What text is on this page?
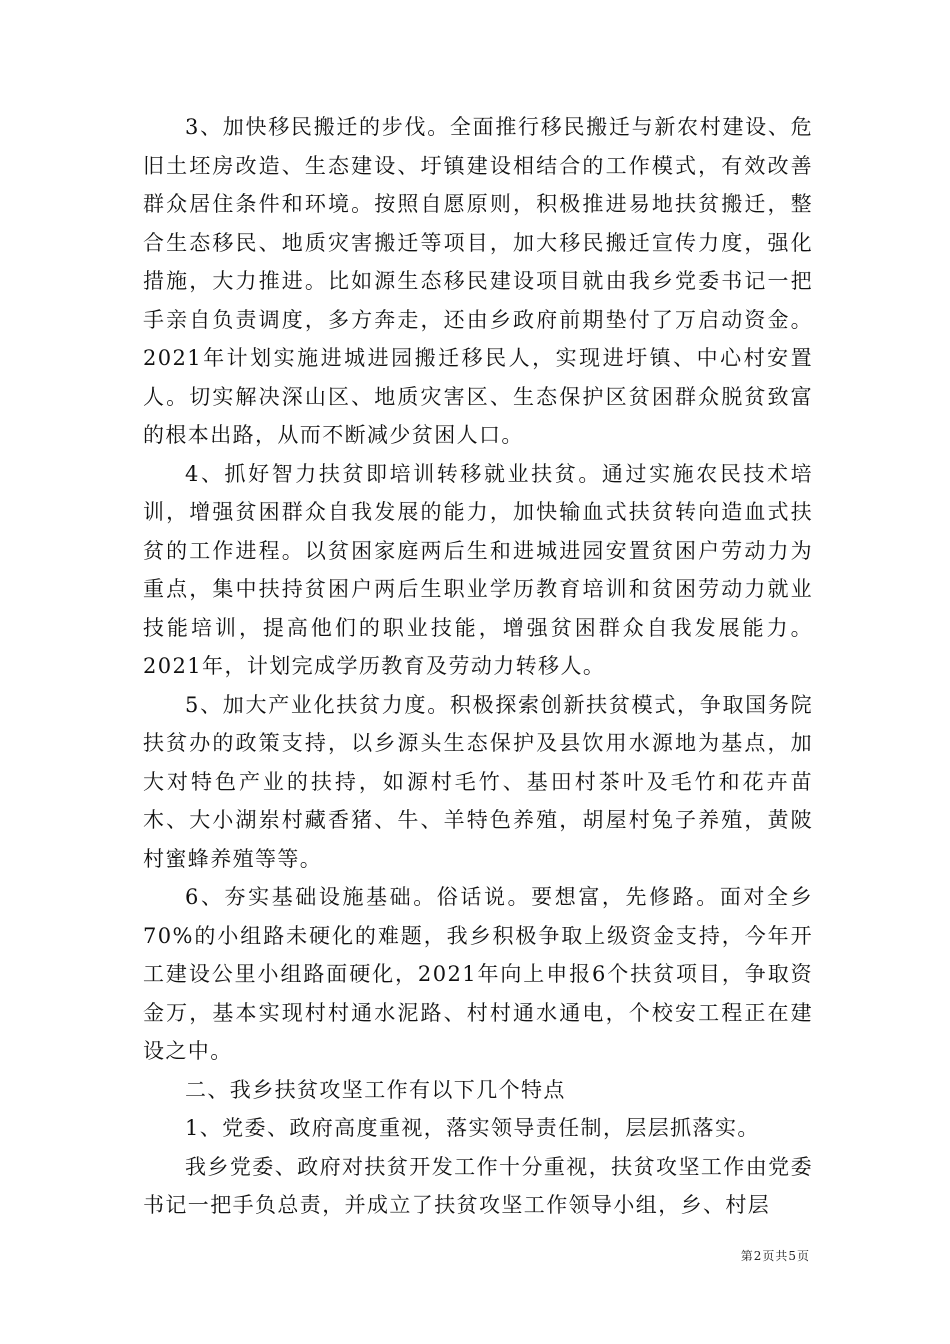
3、加快移民搬迁的步伐。全面推行移民搬迁与新农村建设、危旧土坯房改造、生态建设、圩镇建设相结合的工作模式，有效改善群众居住条件和环境。按照自愿原则，积极推进易地扶贫搬迁，整合生态移民、地质灾害搬迁等项目，加大移民搬迁宣传力度，强化措施，大力推进。比如源生态移民建设项目就由我乡党委书记一把手亲自负责调度，多方奔走，还由乡政府前期垫付了万启动资金。2021年计划实施进城进园搬迁移民人，实现进圩镇、中心村安置人。切实解决深山区、地质灾害区、生态保护区贫困群众脱贫致富的根本出路，从而不断减少贫困人口。

4、抓好智力扶贫即培训转移就业扶贫。通过实施农民技术培训，增强贫困群众自我发展的能力，加快输血式扶贫转向造血式扶贫的工作进程。以贫困家庭两后生和进城进园安置贫困户劳动力为重点，集中扶持贫困户两后生职业学历教育培训和贫困劳动力就业技能培训，提高他们的职业技能，增强贫困群众自我发展能力。2021年，计划完成学历教育及劳动力转移人。

5、加大产业化扶贫力度。积极探索创新扶贫模式，争取国务院扶贫办的政策支持，以乡源头生态保护及县饮用水源地为基点，加大对特色产业的扶持，如源村毛竹、基田村茶叶及毛竹和花卉苗木、大小湖岽村藏香猪、牛、羊特色养殖，胡屋村兔子养殖，黄陂村蜜蜂养殖等等。

6、夯实基础设施基础。俗话说。要想富，先修路。面对全乡70%的小组路未硬化的难题，我乡积极争取上级资金支持，今年开工建设公里小组路面硬化，2021年向上申报6个扶贫项目，争取资金万，基本实现村村通水泥路、村村通水通电，个校安工程正在建设之中。

二、我乡扶贫攻坚工作有以下几个特点

1、党委、政府高度重视，落实领导责任制，层层抓落实。

我乡党委、政府对扶贫开发工作十分重视，扶贫攻坚工作由党委书记一把手负总责，并成立了扶贫攻坚工作领导小组，乡、村层

第2页共5页
